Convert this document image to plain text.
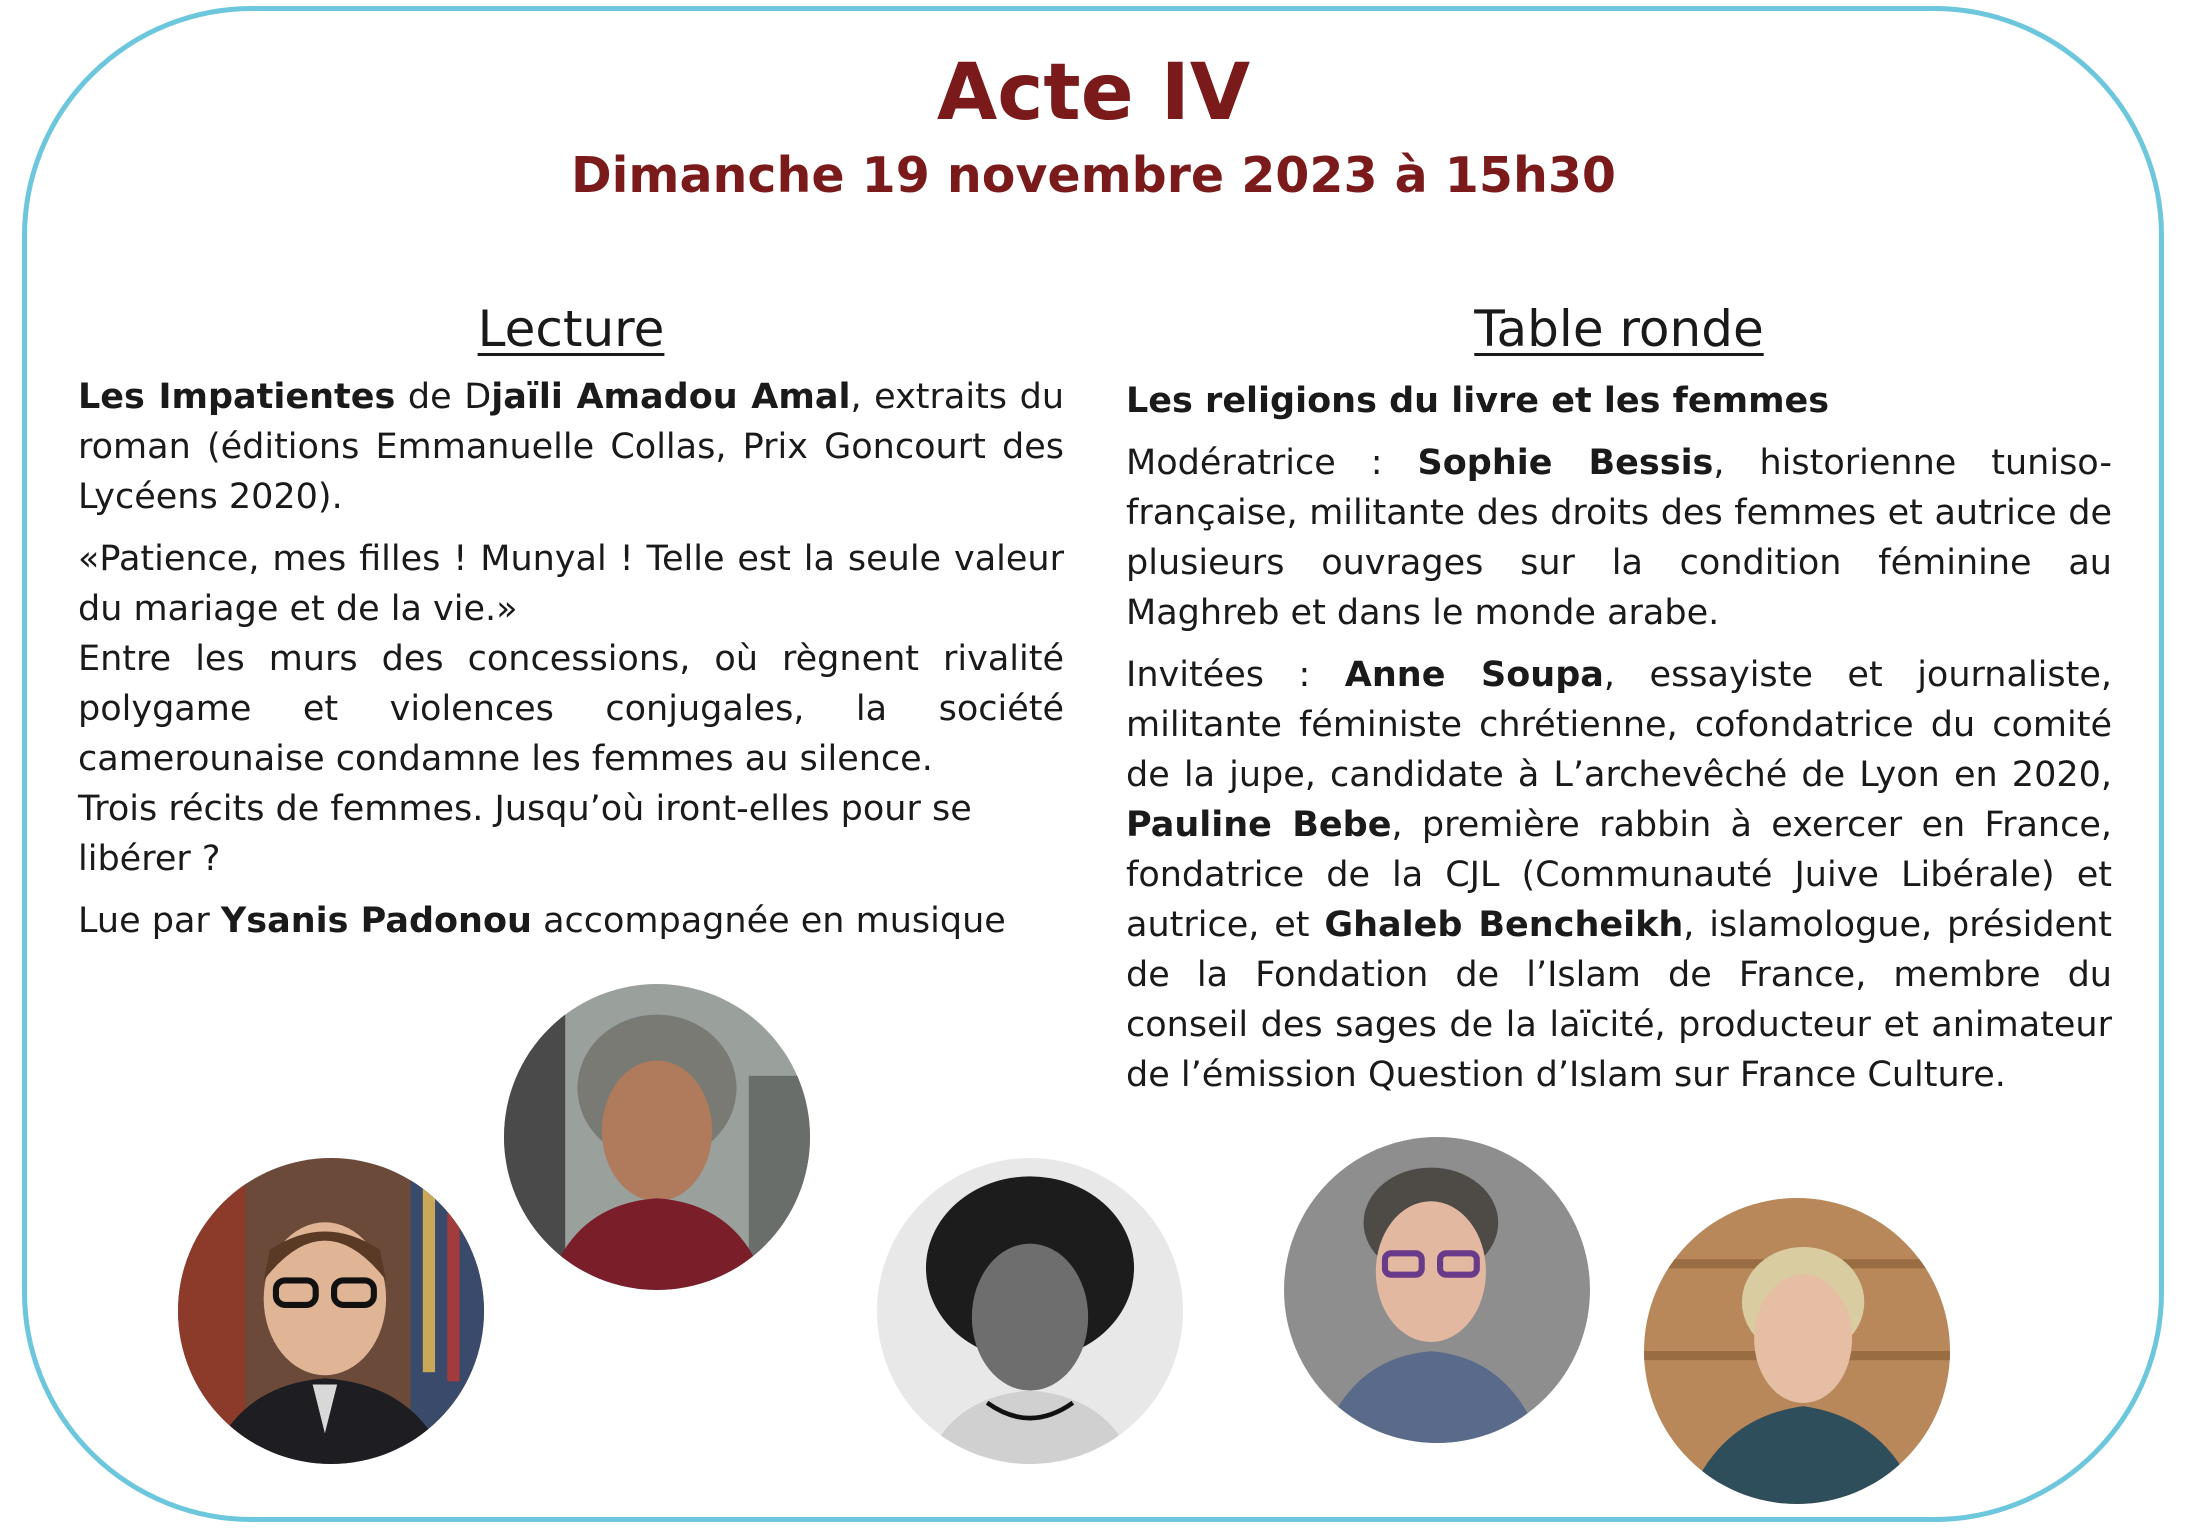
Acte IV
Dimanche 19 novembre 2023 à 15h30
Lecture

Les Impatientes de Djaïli Amadou Amal, extraits du roman (éditions Emmanuelle Collas, Prix Goncourt des Lycéens 2020).

«Patience, mes filles ! Munyal ! Telle est la seule valeur du mariage et de la vie.»

Entre les murs des concessions, où règnent rivalité polygame et violences conjugales, la société camerounaise condamne les femmes au silence.

Trois récits de femmes. Jusqu’où iront-elles pour se libérer ?

Lue par Ysanis Padonou accompagnée en musique

Table ronde

Les religions du livre et les femmes

Modératrice : Sophie Bessis, historienne tuniso-française, militante des droits des femmes et autrice de plusieurs ouvrages sur la condition féminine au Maghreb et dans le monde arabe.

Invitées : Anne Soupa, essayiste et journaliste, militante féministe chrétienne, cofondatrice du comité de la jupe, candidate à L’archevêché de Lyon en 2020, Pauline Bebe, première rabbin à exercer en France, fondatrice de la CJL (Communauté Juive Libérale) et autrice, et Ghaleb Bencheikh, islamologue, président de la Fondation de l’Islam de France, membre du conseil des sages de la laïcité, producteur et animateur de l’émission Question d’Islam sur France Culture.
